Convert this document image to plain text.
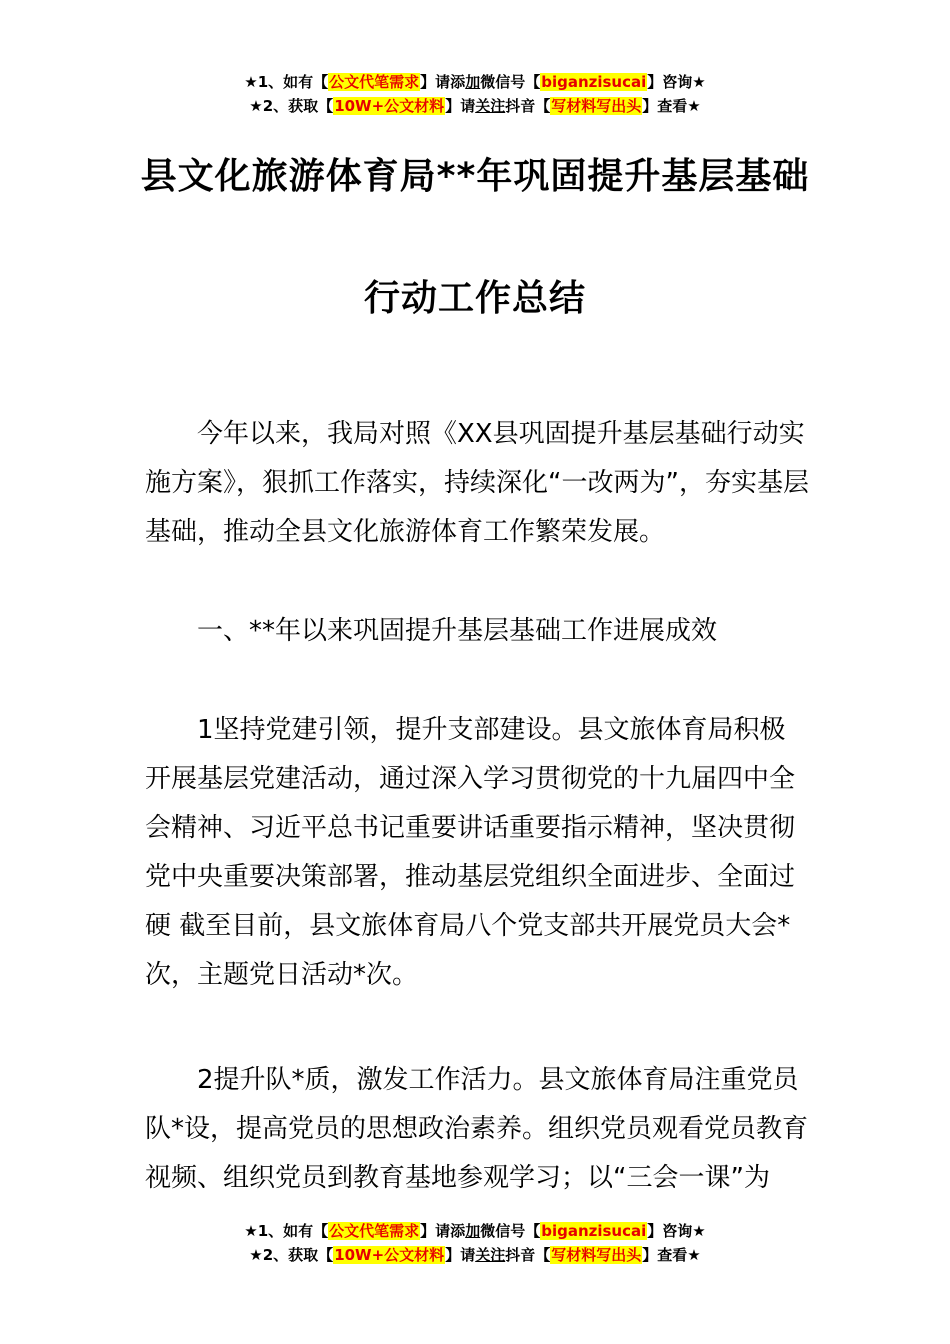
★1、如有【公文代笔需求】请添加微信号【biganzisucai】咨询★
★2、获取【10W+公文材料】请关注抖音【写材料写出头】查看★
县文化旅游体育局**年巩固提升基层基础
行动工作总结

今年以来，我局对照《XX县巩固提升基层基础行动实施方案》，狠抓工作落实，持续深化“一改两为”，夯实基层基础，推动全县文化旅游体育工作繁荣发展。

一、**年以来巩固提升基层基础工作进展成效

1坚持党建引领，提升支部建设。县文旅体育局积极开展基层党建活动，通过深入学习贯彻党的十九届四中全会精神、习近平总书记重要讲话重要指示精神，坚决贯彻党中央重要决策部署，推动基层党组织全面进步、全面过硬 截至目前，县文旅体育局八个党支部共开展党员大会*次，主题党日活动*次。

2提升队*质，激发工作活力。县文旅体育局注重党员队*设，提高党员的思想政治素养。组织党员观看党员教育视频、组织党员到教育基地参观学习；以“三会一课”为

★1、如有【公文代笔需求】请添加微信号【biganzisucai】咨询★
★2、获取【10W+公文材料】请关注抖音【写材料写出头】查看★
